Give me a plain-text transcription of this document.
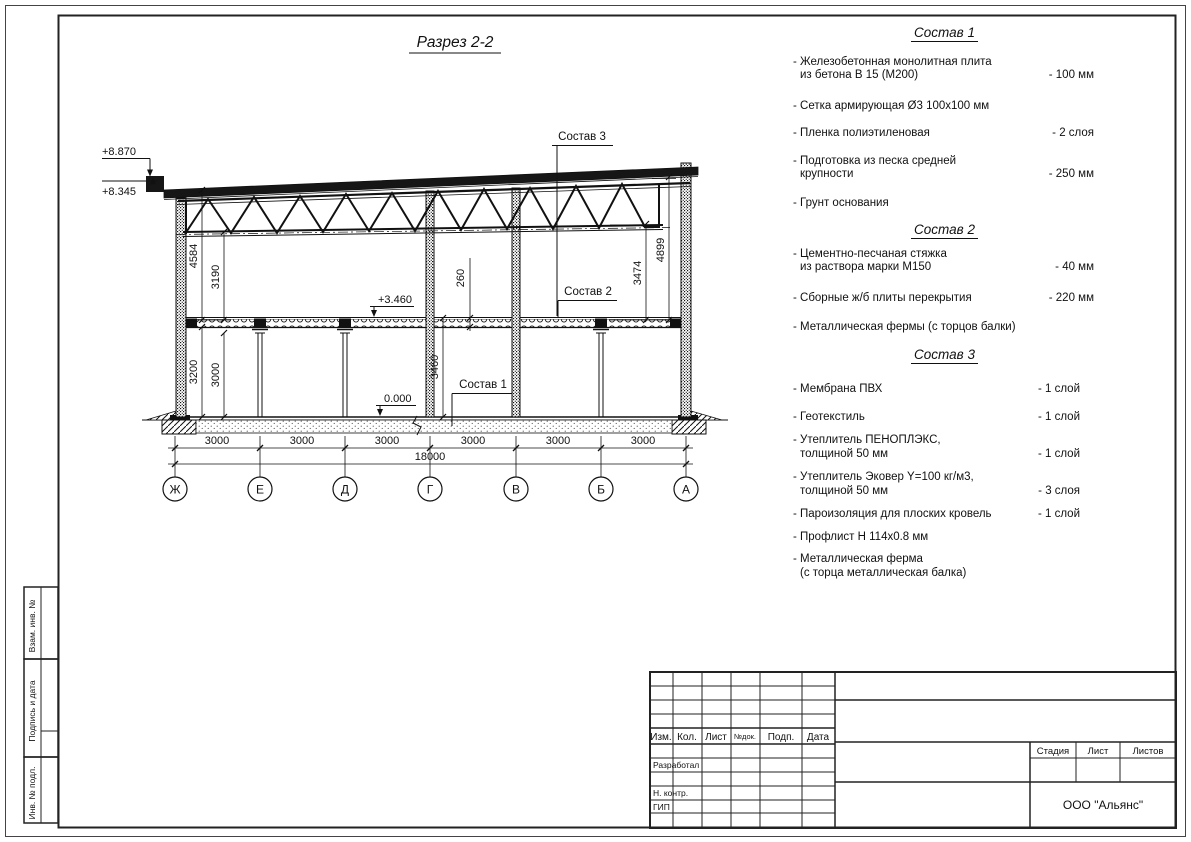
Взам. инв. №
Подпись и дата
Инв. № подл.
Разрез 2-2
+8.870
+8.345
+3.460
0.000
Состав 3
Состав 2
Состав 1
4584
3190
3200 3000	3460
260	3474
4899
3000	3000	3000	3000	3000	3000
18000
Ж	Е	Д	Г	В	Б	А
Изм. Кол. Лист №док. Подп. Дата
Разработал
Н. контр.
ГИП
Стадия Лист	Листов
ООО "Альянс"
Состав 1
- Железобетонная монолитная плита
из бетона В 15 (М200)	- 100 мм
- Сетка армирующая Ø3 100х100 мм
- Пленка полиэтиленовая	- 2 слоя
- Подготовка из песка средней
крупности	- 250 мм
- Грунт основания
Состав 2
- Цементно-песчаная стяжка
из раствора марки М150	- 40 мм
- Сборные ж/б плиты перекрытия	- 220 мм
- Металлическая фермы (с торцов балки)
Состав 3
- Мембрана ПВХ	- 1 слой
- Геотекстиль	- 1 слой
- Утеплитель ПЕНОПЛЭКС,
толщиной 50 мм	- 1 слой
- Утеплитель Эковер Y=100 кг/м3,
толщиной 50 мм	- 3 слоя
- Пароизоляция для плоских кровель	- 1 слой
- Профлист Н 114х0.8 мм
- Металлическая ферма
(с торца металлическая балка)
